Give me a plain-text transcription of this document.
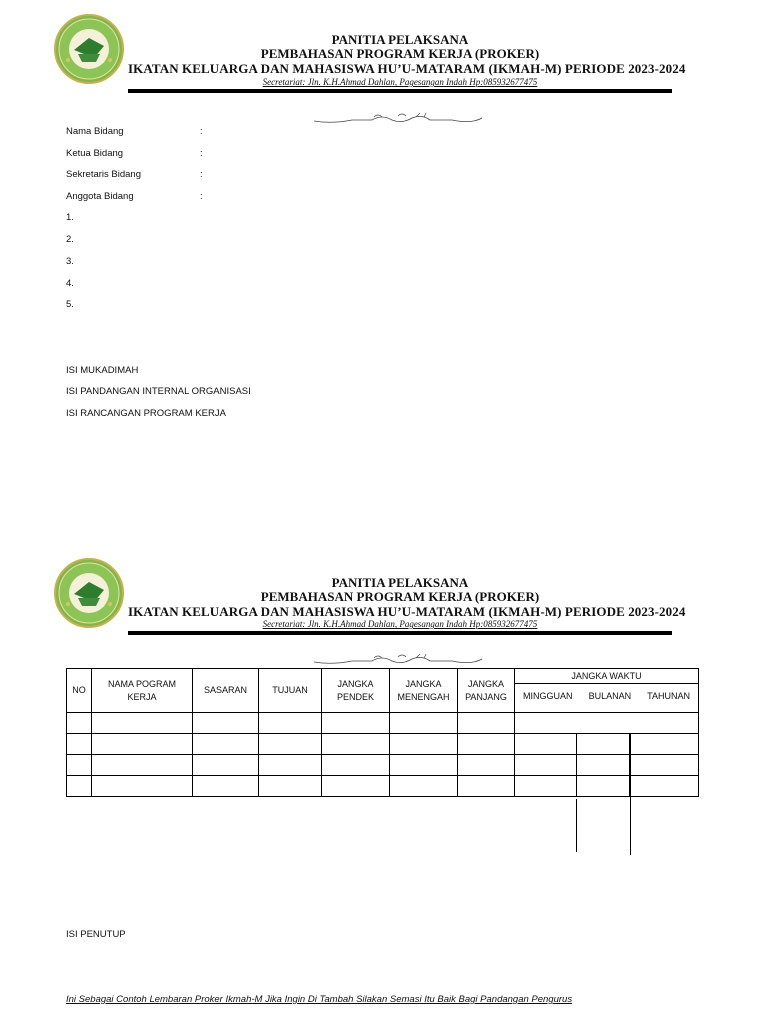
PANITIA PELAKSANA
PEMBAHASAN PROGRAM KERJA (PROKER)
IKATAN KELUARGA DAN MAHASISWA HU’U-MATARAM (IKMAH-M) PERIODE 2023-2024
Secretariat: Jln. K.H.Ahmad Dahlan, Pagesangan Indah Hp:085932677475
Nama Bidang	:
Ketua Bidang	:
Sekretaris Bidang	:
Anggota Bidang	:
1.
2.
3.
4.
5.
ISI MUKADIMAH
ISI PANDANGAN INTERNAL ORGANISASI
ISI RANCANGAN PROGRAM KERJA
PANITIA PELAKSANA
PEMBAHASAN PROGRAM KERJA (PROKER)
IKATAN KELUARGA DAN MAHASISWA HU’U-MATARAM (IKMAH-M) PERIODE 2023-2024
Secretariat: Jln. K.H.Ahmad Dahlan, Pagesangan Indah Hp:085932677475
NO	NAMA POGRAM KERJA	SASARAN	TUJUAN	JANGKA PENDEK	JANGKA MENENGAH	JANGKA PANJANG	JANGKA WAKTU
MINGGUAN BULANAN TAHUNAN		

ISI PENUTUP
Ini Sebagai Contoh Lembaran Proker Ikmah-M Jika Ingin Di Tambah Silakan Semasi Itu Baik Bagi Pandangan Pengurus
